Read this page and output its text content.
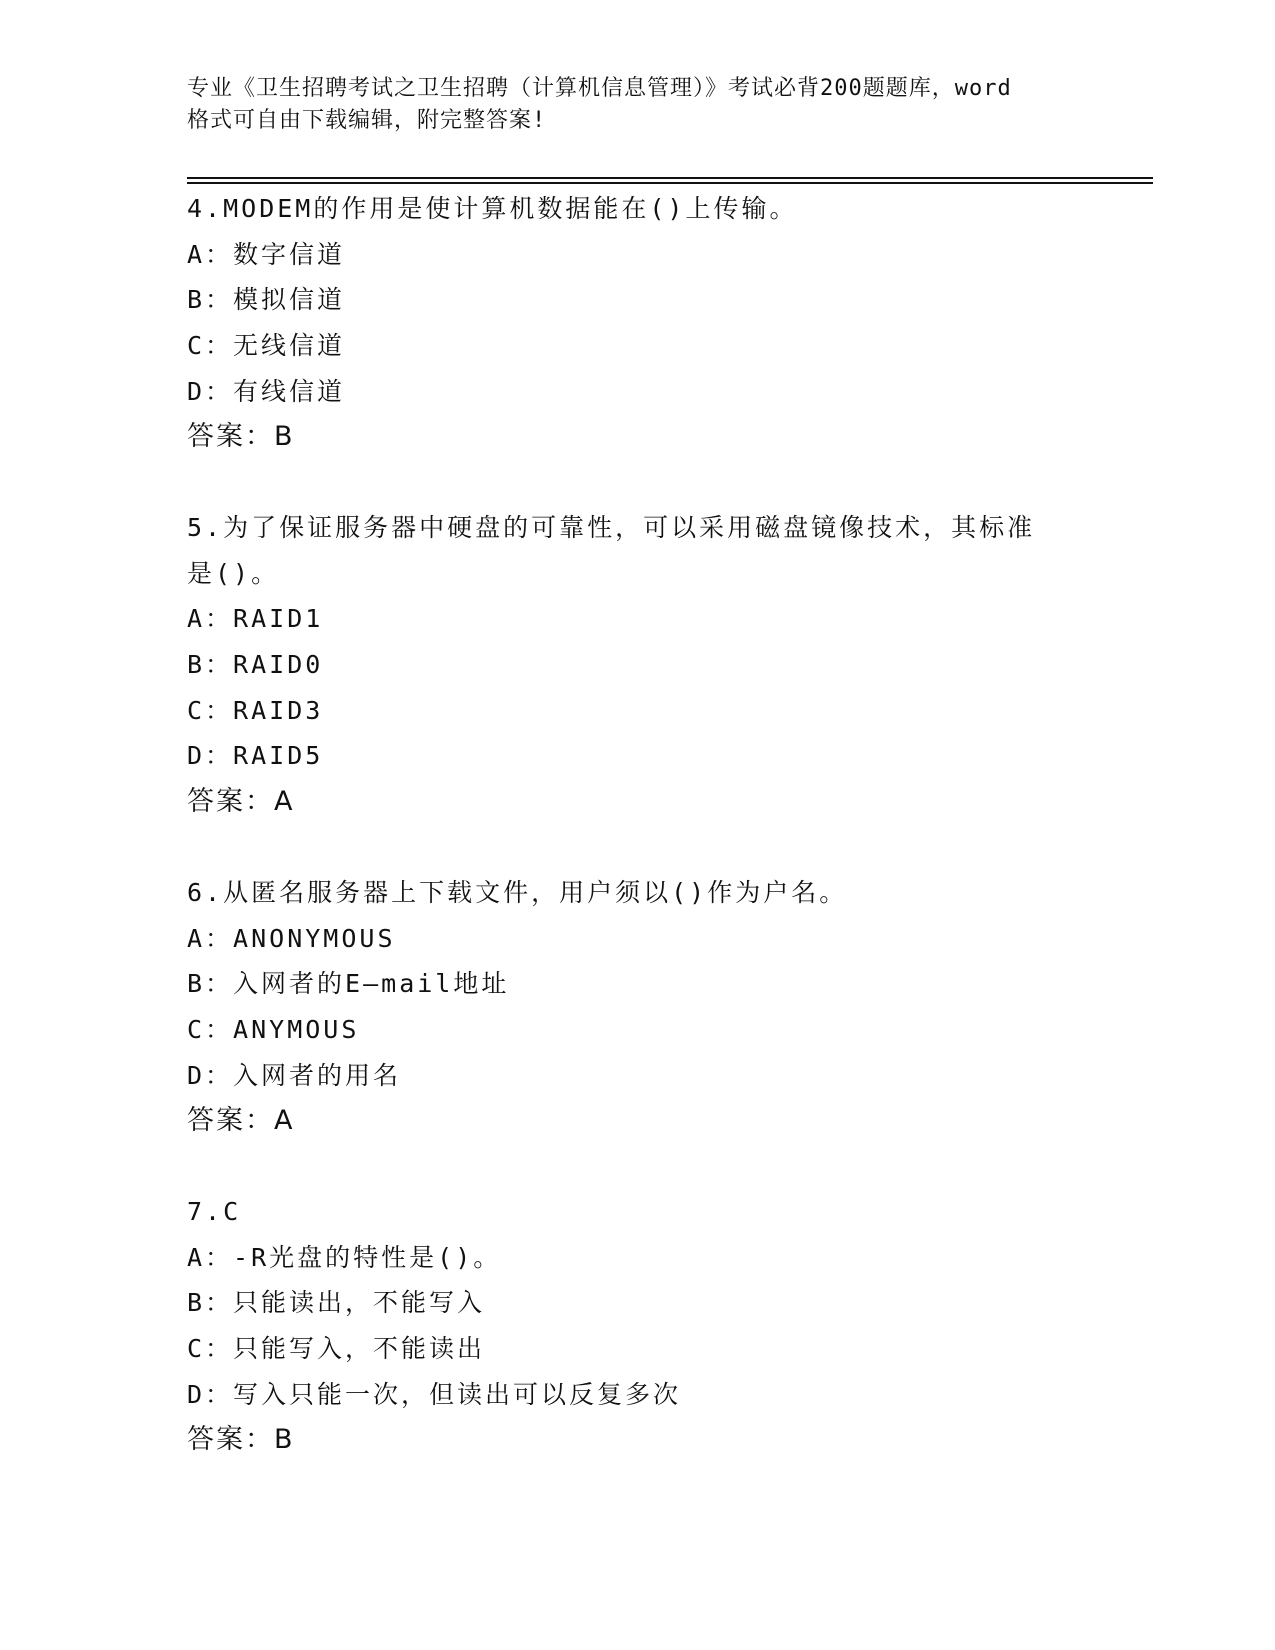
专业《卫生招聘考试之卫生招聘（计算机信息管理）》考试必背200题题库，word
格式可自由下载编辑，附完整答案!
4.MODEM的作用是使计算机数据能在()上传输。
A：数字信道
B：模拟信道
C：无线信道
D：有线信道
答案：B
5.为了保证服务器中硬盘的可靠性，可以采用磁盘镜像技术，其标准
是()。
A：RAID1
B：RAID0
C：RAID3
D：RAID5
答案：A
6.从匿名服务器上下载文件，用户须以()作为户名。
A：ANONYMOUS
B：入网者的E—mail地址
C：ANYMOUS
D：入网者的用名
答案：A
7.C
A：-R光盘的特性是()。
B：只能读出，不能写入
C：只能写入，不能读出
D：写入只能一次，但读出可以反复多次
答案：B
